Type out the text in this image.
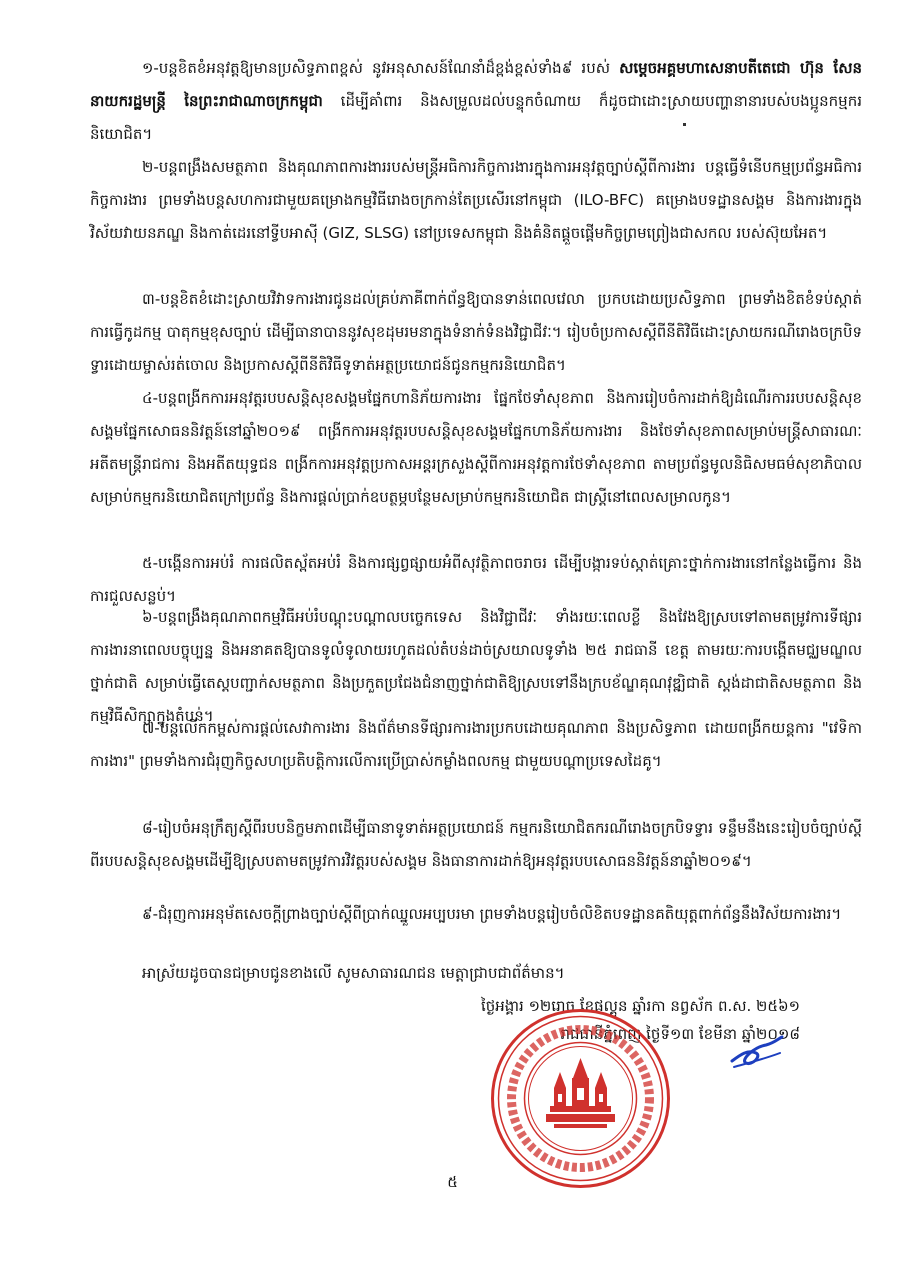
១-បន្តខិតខំអនុវត្តឱ្យមានប្រសិទ្ធភាពខ្ពស់ នូវអនុសាសន៍ណែនាំដ៏ខ្ពង់ខ្ពស់ទាំង៩ របស់ សម្តេចអគ្គមហាសេនាបតីតេជោ ហ៊ុន សែន នាយករដ្ឋមន្ត្រី នៃព្រះរាជាណាចក្រកម្ពុជា ដើម្បីគាំពារ និងសម្រួលដល់បន្ទុកចំណាយ ក៏ដូចជាដោះស្រាយបញ្ហានានារបស់បងប្អូនកម្មករនិយោជិត។

២-បន្តពង្រឹងសមត្ថភាព និងគុណភាពការងាររបស់មន្ត្រីអធិការកិច្ចការងារក្នុងការអនុវត្តច្បាប់ស្តីពីការងារ បន្តធ្វើទំនើបកម្មប្រព័ន្ធអធិការកិច្ចការងារ ព្រមទាំងបន្តសហការជាមួយគម្រោងកម្មវិធីរោងចក្រកាន់តែប្រសើរនៅកម្ពុជា (ILO-BFC) គម្រោងបទដ្ឋានសង្គម និងការងារក្នុងវិស័យវាយនភណ្ឌ និងកាត់ដេរនៅទ្វីបអាស៊ី (GIZ, SLSG) នៅប្រទេសកម្ពុជា និងគំនិតផ្តួចផ្តើមកិច្ចព្រមព្រៀងជាសកល របស់ស៊ុយអែត។

៣-បន្តខិតខំដោះស្រាយវិវាទការងារជូនដល់គ្រប់ភាគីពាក់ព័ន្ធឱ្យបានទាន់ពេលវេលា ប្រកបដោយប្រសិទ្ធភាព ព្រមទាំងខិតខំទប់ស្កាត់ការធ្វើកូដកម្ម បាតុកម្មខុសច្បាប់ ដើម្បីធានាបាននូវសុខដុមរមនាក្នុងទំនាក់ទំនងវិជ្ជាជីវៈ។ រៀបចំប្រកាសស្តីពីនីតិវិធីដោះស្រាយករណីរោងចក្របិទទ្វារដោយម្ចាស់រត់ចោល និងប្រកាសស្តីពីនីតិវិធីទូទាត់អត្ថប្រយោជន៍ជូនកម្មករនិយោជិត។

៤-បន្តពង្រីកការអនុវត្តរបបសន្តិសុខសង្គមផ្នែកហានិភ័យការងារ ផ្នែកថែទាំសុខភាព និងការរៀបចំការដាក់ឱ្យដំណើរការរបបសន្តិសុខសង្គមផ្នែកសោធននិវត្តន៍នៅឆ្នាំ២០១៩ ពង្រីកការអនុវត្តរបបសន្តិសុខសង្គមផ្នែកហានិភ័យការងារ និងថែទាំសុខភាពសម្រាប់មន្ត្រីសាធារណៈ អតីតមន្ត្រីរាជការ និងអតីតយុទ្ធជន ពង្រីកការអនុវត្តប្រកាសអន្តរក្រសួងស្តីពីការអនុវត្តការថែទាំសុខភាព តាមប្រព័ន្ធមូលនិធិសមធម៌សុខាភិបាលសម្រាប់កម្មករនិយោជិតក្រៅប្រព័ន្ធ និងការផ្តល់ប្រាក់ឧបត្ថម្ភបន្ថែមសម្រាប់កម្មករនិយោជិត ជាស្ត្រីនៅពេលសម្រាលកូន។

៥-បង្កើនការអប់រំ ការផលិតស្ព័តអប់រំ និងការផ្សព្វផ្សាយអំពីសុវត្ថិភាពចរាចរ ដើម្បីបង្ការទប់ស្កាត់គ្រោះថ្នាក់ការងារនៅកន្លែងធ្វើការ និងការជួលសន្លប់។

៦-បន្តពង្រឹងគុណភាពកម្មវិធីអប់រំបណ្តុះបណ្តាលបច្ចេកទេស និងវិជ្ជាជីវៈ ទាំងរយៈពេលខ្លី និងវែងឱ្យស្របទៅតាមតម្រូវការទីផ្សារការងារនាពេលបច្ចុប្បន្ន និងអនាគតឱ្យបានទូលំទូលាយរហូតដល់តំបន់ដាច់ស្រយាលទូទាំង ២៥ រាជធានី ខេត្ត តាមរយៈការបង្កើតមជ្ឈមណ្ឌលថ្នាក់ជាតិ សម្រាប់ធ្វើតេស្តបញ្ជាក់សមត្ថភាព និងប្រកួតប្រជែងជំនាញថ្នាក់ជាតិឱ្យស្របទៅនឹងក្របខ័ណ្ឌគុណវុឌ្ឍិជាតិ ស្តង់ដាជាតិសមត្ថភាព និងកម្មវិធីសិក្សាក្នុងតំបន់។

៧-បន្តលើកកម្ពស់ការផ្តល់សេវាការងារ និងព័ត៌មានទីផ្សារការងារប្រកបដោយគុណភាព និងប្រសិទ្ធភាព ដោយពង្រីកយន្តការ "វេទិកាការងារ" ព្រមទាំងការជំរុញកិច្ចសហប្រតិបត្តិការលើការប្រើប្រាស់កម្លាំងពលកម្ម ជាមួយបណ្តាប្រទេសដៃគូ។

៨-រៀបចំអនុក្រឹត្យស្តីពីរបបនិក្ខមភាពដើម្បីធានាទូទាត់អត្ថប្រយោជន៍ កម្មករនិយោជិតករណីរោងចក្របិទទ្វារ ទន្ទឹមនឹងនេះរៀបចំច្បាប់ស្តីពីរបបសន្តិសុខសង្គមដើម្បីឱ្យស្របតាមតម្រូវការវិវត្តរបស់សង្គម និងធានាការដាក់ឱ្យអនុវត្តរបបសោធននិវត្តន៍នាឆ្នាំ២០១៩។

៩-ជំរុញការអនុម័តសេចក្តីព្រាងច្បាប់ស្តីពីប្រាក់ឈ្នួលអប្បបរមា ព្រមទាំងបន្តរៀបចំលិខិតបទដ្ឋានគតិយុត្តពាក់ព័ន្ធនឹងវិស័យការងារ។

អាស្រ័យដូចបានជម្រាបជូនខាងលើ សូមសាធារណជន មេត្តាជ្រាបជាព័ត៌មាន។
ថ្ងៃអង្គារ ១២រោច ខែផល្គុន ឆ្នាំរកា នព្វស័ក ព.ស. ២៥៦១
រាជធានីភ្នំពេញ ថ្ងៃទី១៣ ខែមីនា ឆ្នាំ២០១៨
៥
